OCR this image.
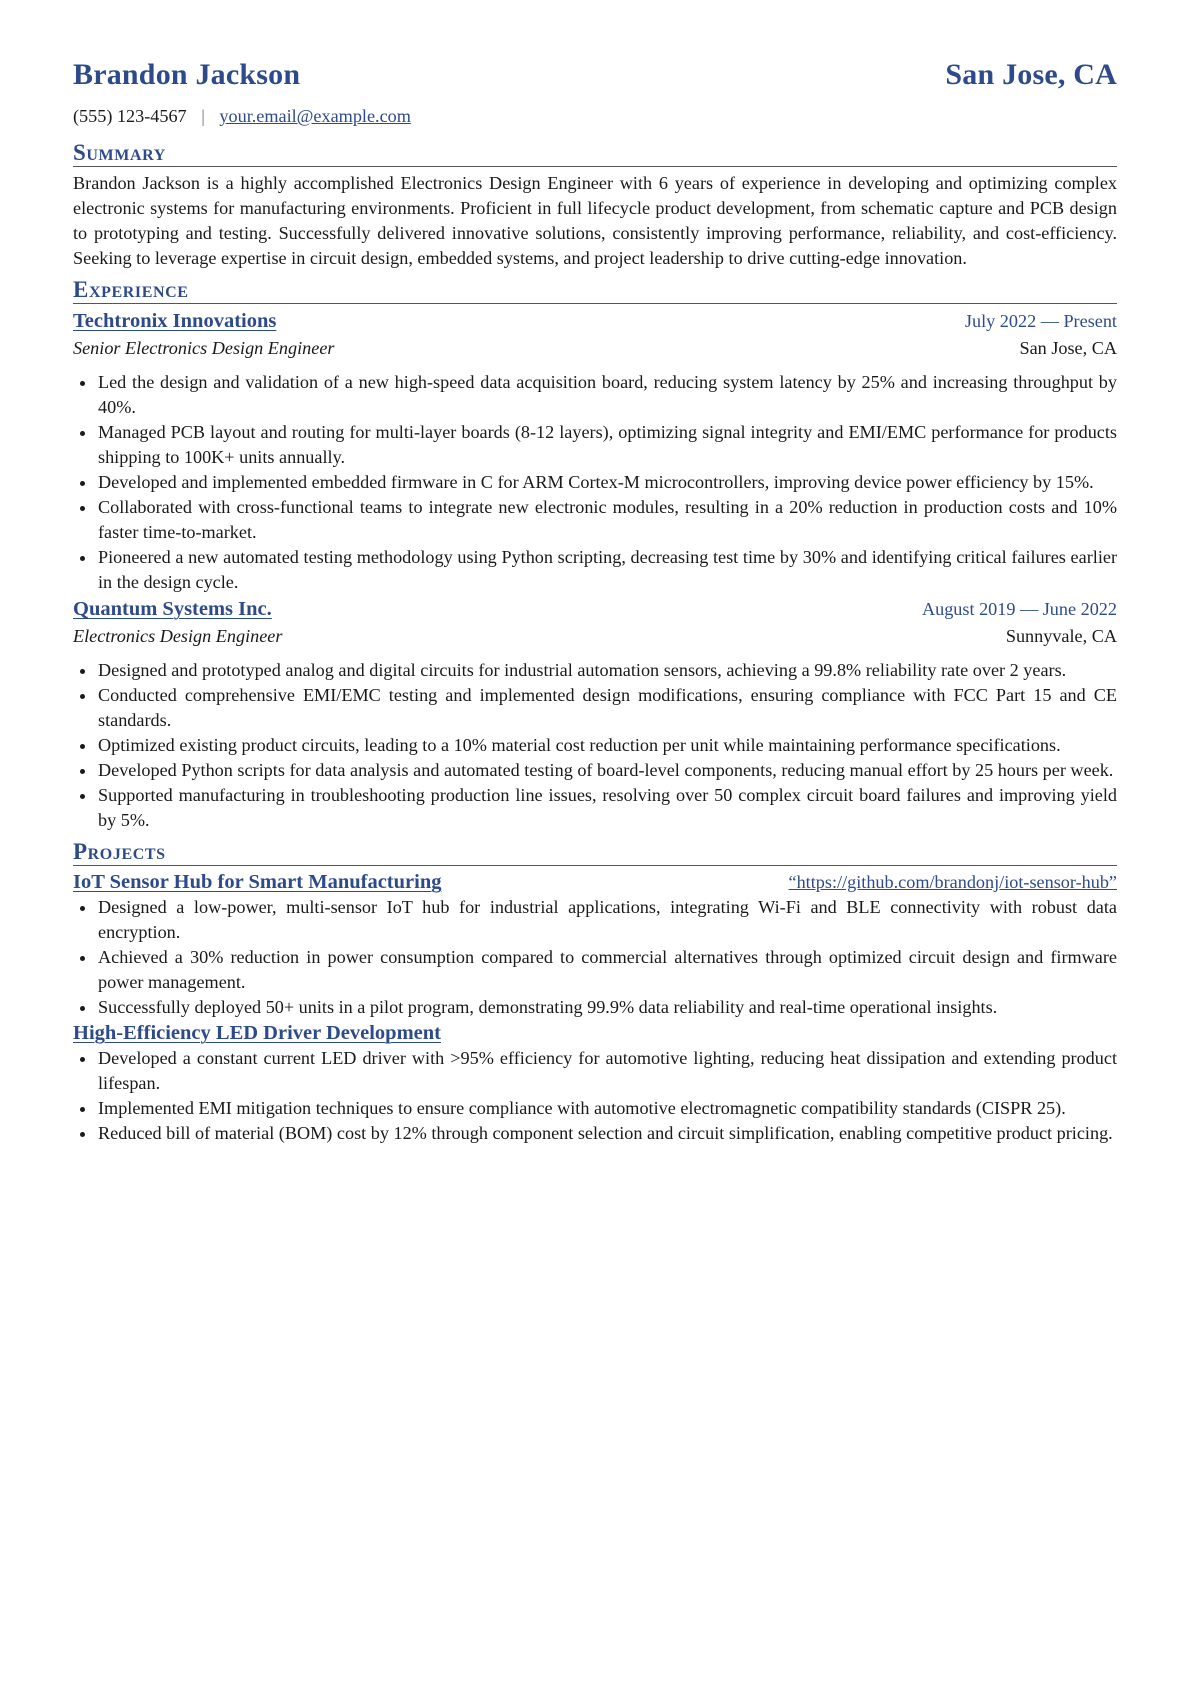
Brandon Jackson	San Jose, CA
(555) 123-4567 | your.email@example.com
Summary

Brandon Jackson is a highly accomplished Electronics Design Engineer with 6 years of experience in developing and optimizing complex electronic systems for manufacturing environments. Proficient in full lifecycle product development, from schematic capture and PCB design to prototyping and testing. Successfully delivered innovative solutions, consistently improving performance, reliability, and cost-efficiency. Seeking to leverage expertise in circuit design, embedded systems, and project leadership to drive cutting-edge innovation.

Experience
Techtronix Innovations	July 2022 — Present
Senior Electronics Design Engineer	San Jose, CA
Led the design and validation of a new high-speed data acquisition board, reducing system latency by 25% and increasing throughput by 40%.
Managed PCB layout and routing for multi-layer boards (8-12 layers), optimizing signal integrity and EMI/EMC performance for products shipping to 100K+ units annually.
Developed and implemented embedded firmware in C for ARM Cortex-M microcontrollers, improving device power efficiency by 15%.
Collaborated with cross-functional teams to integrate new electronic modules, resulting in a 20% reduction in production costs and 10% faster time-to-market.
Pioneered a new automated testing methodology using Python scripting, decreasing test time by 30% and identifying critical failures earlier in the design cycle.
Quantum Systems Inc.	August 2019 — June 2022
Electronics Design Engineer	Sunnyvale, CA
Designed and prototyped analog and digital circuits for industrial automation sensors, achieving a 99.8% reliability rate over 2 years.
Conducted comprehensive EMI/EMC testing and implemented design modifications, ensuring compliance with FCC Part 15 and CE standards.
Optimized existing product circuits, leading to a 10% material cost reduction per unit while maintaining performance specifications.
Developed Python scripts for data analysis and automated testing of board-level components, reducing manual effort by 25 hours per week.
Supported manufacturing in troubleshooting production line issues, resolving over 50 complex circuit board failures and improving yield by 5%.
Projects
IoT Sensor Hub for Smart Manufacturing	“https://github.com/brandonj/iot-sensor-hub”
Designed a low-power, multi-sensor IoT hub for industrial applications, integrating Wi-Fi and BLE connectivity with robust data encryption.
Achieved a 30% reduction in power consumption compared to commercial alternatives through optimized circuit design and firmware power management.
Successfully deployed 50+ units in a pilot program, demonstrating 99.9% data reliability and real-time operational insights.
High-Efficiency LED Driver Development
Developed a constant current LED driver with >95% efficiency for automotive lighting, reducing heat dissipation and extending product lifespan.
Implemented EMI mitigation techniques to ensure compliance with automotive electromagnetic compatibility standards (CISPR 25).
Reduced bill of material (BOM) cost by 12% through component selection and circuit simplification, enabling competitive product pricing.
